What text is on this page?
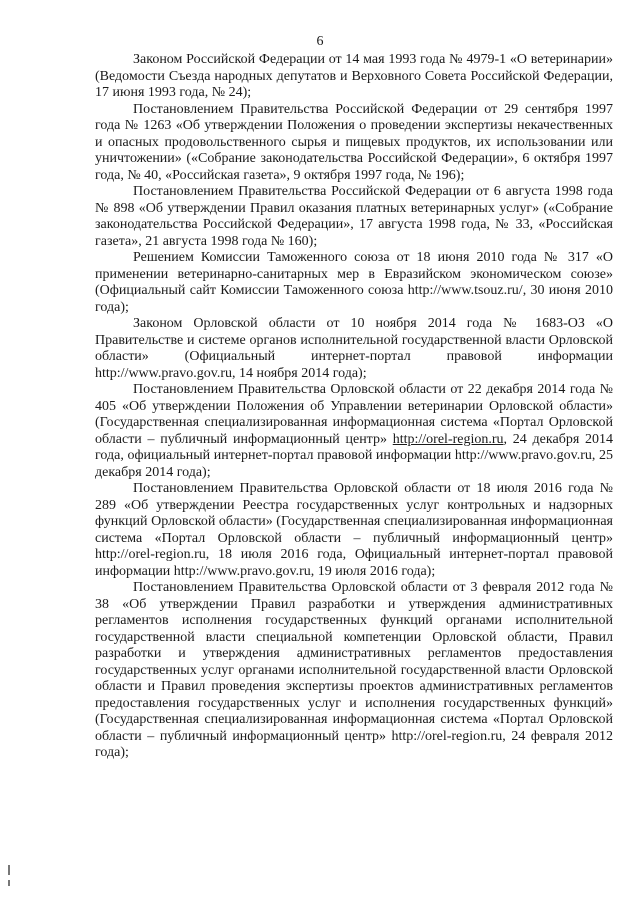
6

Законом Российской Федерации от 14 мая 1993 года № 4979-1 «О ветеринарии» (Ведомости Съезда народных депутатов и Верховного Совета Российской Федерации, 17 июня 1993 года, № 24);

Постановлением Правительства Российской Федерации от 29 сентября 1997 года № 1263 «Об утверждении Положения о проведении экспертизы некачественных и опасных продовольственного сырья и пищевых продуктов, их использовании или уничтожении» («Собрание законодательства Российской Федерации», 6 октября 1997 года, № 40, «Российская газета», 9 октября 1997 года, № 196);

Постановлением Правительства Российской Федерации от 6 августа 1998 года № 898 «Об утверждении Правил оказания платных ветеринарных услуг» («Собрание законодательства Российской Федерации», 17 августа 1998 года, № 33, «Российская газета», 21 августа 1998 года № 160);

Решением Комиссии Таможенного союза от 18 июня 2010 года № 317 «О применении ветеринарно-санитарных мер в Евразийском экономическом союзе» (Официальный сайт Комиссии Таможенного союза http://www.tsouz.ru/, 30 июня 2010 года);

Законом Орловской области от 10 ноября 2014 года № 1683-ОЗ «О Правительстве и системе органов исполнительной государственной власти Орловской области» (Официальный интернет-портал правовой информации http://www.pravo.gov.ru, 14 ноября 2014 года);

Постановлением Правительства Орловской области от 22 декабря 2014 года № 405 «Об утверждении Положения об Управлении ветеринарии Орловской области» (Государственная специализированная информационная система «Портал Орловской области – публичный информационный центр» http://orel-region.ru, 24 декабря 2014 года, официальный интернет-портал правовой информации http://www.pravo.gov.ru, 25 декабря 2014 года);

Постановлением Правительства Орловской области от 18 июля 2016 года № 289 «Об утверждении Реестра государственных услуг контрольных и надзорных функций Орловской области» (Государственная специализированная информационная система «Портал Орловской области – публичный информационный центр» http://orel-region.ru, 18 июля 2016 года, Официальный интернет-портал правовой информации http://www.pravo.gov.ru, 19 июля 2016 года);

Постановлением Правительства Орловской области от 3 февраля 2012 года № 38 «Об утверждении Правил разработки и утверждения административных регламентов исполнения государственных функций органами исполнительной государственной власти специальной компетенции Орловской области, Правил разработки и утверждения административных регламентов предоставления государственных услуг органами исполнительной государственной власти Орловской области и Правил проведения экспертизы проектов административных регламентов предоставления государственных услуг и исполнения государственных функций» (Государственная специализированная информационная система «Портал Орловской области – публичный информационный центр» http://orel-region.ru, 24 февраля 2012 года);
